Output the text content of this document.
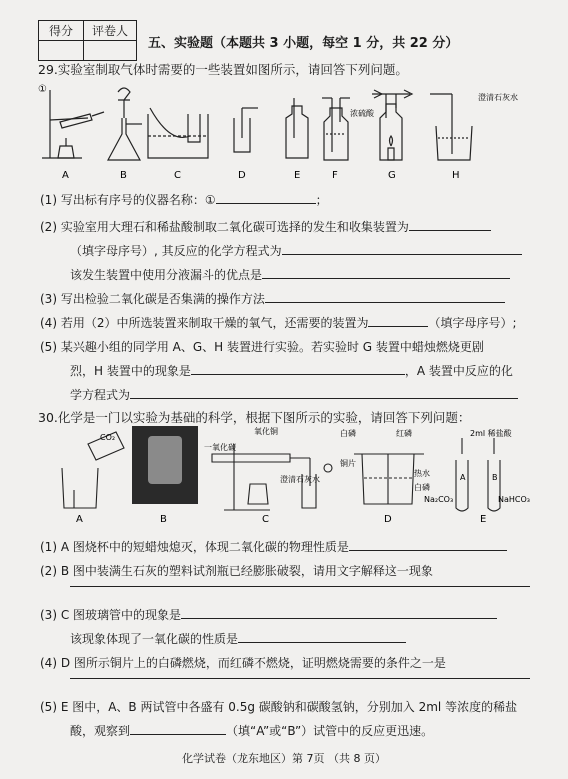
得分	评卷人

五、实验题（本题共 3 小题，每空 1 分，共 22 分）
29.实验室制取气体时需要的一些装置如图所示，请回答下列问题。
①
浓硫酸
澄清石灰水
A	B	C	D	E	F	G	H
(1) 写出标有序号的仪器名称：①	；
(2) 实验室用大理石和稀盐酸制取二氧化碳可选择的发生和收集装置为
（填字母序号）, 其反应的化学方程式为
该发生装置中使用分液漏斗的优点是
(3) 写出检验二氧化碳是否集满的操作方法
(4) 若用（2）中所选装置来制取干燥的氧气，还需要的装置为	（填字母序号）;
(5) 某兴趣小组的同学用 A、G、H 装置进行实验。若实验时 G 装置中蜡烛燃烧更剧
烈，H 装置中的现象是	，A 装置中反应的化
学方程式为
30.化学是一门以实验为基础的科学，根据下图所示的实验，请回答下列问题：
CO₂
一氧化碳
氧化铜
澄清石灰水
白磷	红磷
铜片
热水
白磷
2ml 稀盐酸
A	B
Na₂CO₃	NaHCO₃
A	B	C	D	E
(1) A 图烧杯中的短蜡烛熄灭，体现二氧化碳的物理性质是
(2) B 图中装满生石灰的塑料试剂瓶已经膨胀破裂，请用文字解释这一现象
(3) C 图玻璃管中的现象是
该现象体现了一氧化碳的性质是
(4) D 图所示铜片上的白磷燃烧，而红磷不燃烧，证明燃烧需要的条件之一是
(5) E 图中，A、B 两试管中各盛有 0.5g 碳酸钠和碳酸氢钠，分别加入 2ml 等浓度的稀盐
酸，观察到	（填“A”或“B”）试管中的反应更迅速。
化学试卷（龙东地区）第 7页 （共 8 页）
